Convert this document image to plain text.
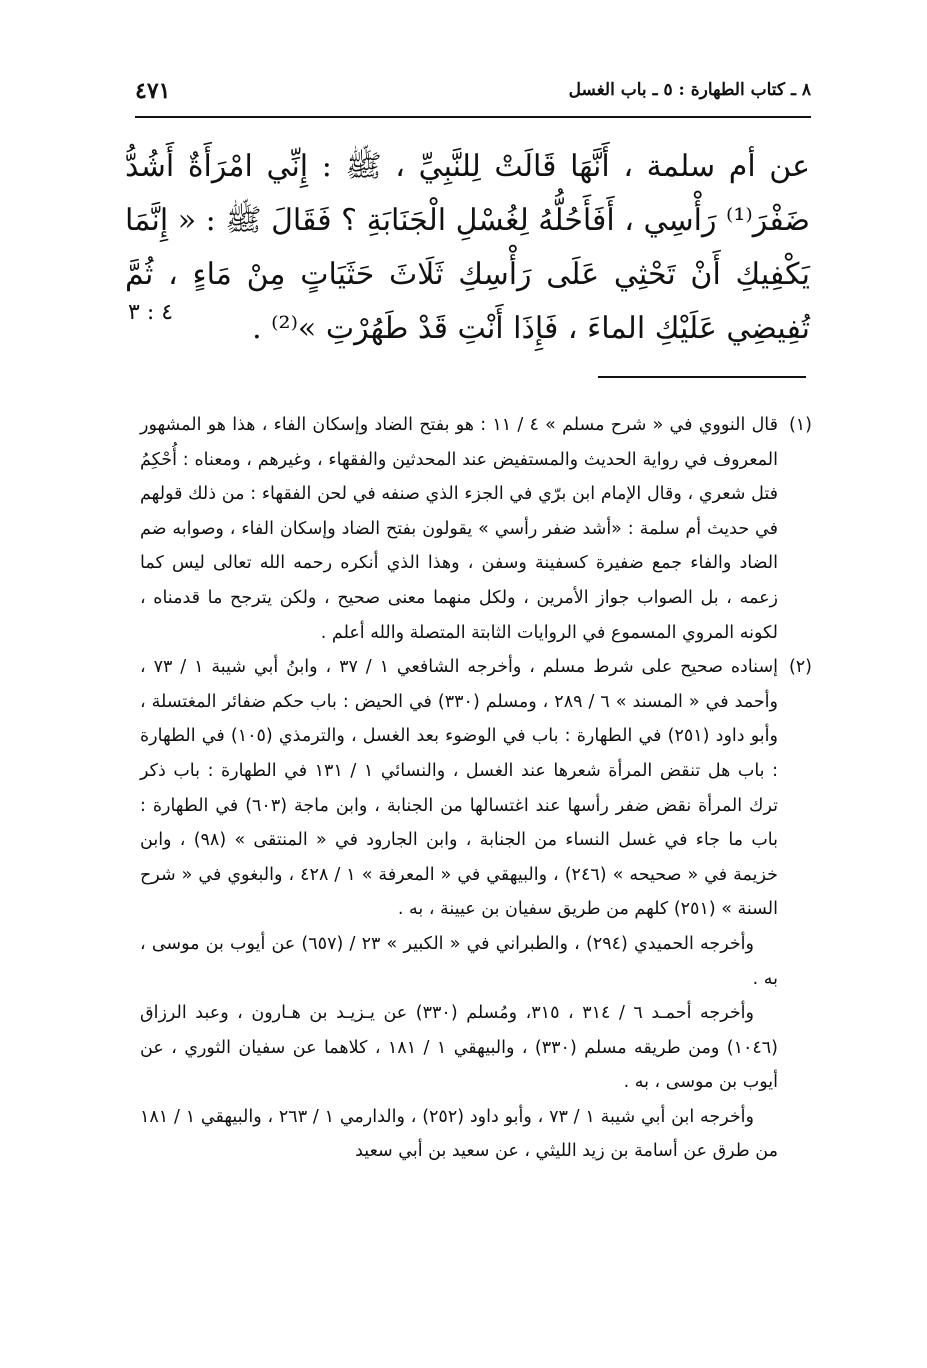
٤٧١	٨ ـ كتاب الطهارة : ٥ ـ باب الغسل

عن أم سلمة ، أَنَّهَا قَالَتْ لِلنَّبِيِّ ، ﷺ : إِنِّي امْرَأَةٌ أَشُدُّ ضَفْرَ⁽¹⁾ رَأْسِي ، أَفَأَحُلُّهُ لِغُسْلِ الْجَنَابَةِ ؟ فَقَالَ ﷺ : « إِنَّمَا يَكْفِيكِ أَنْ تَحْثِي عَلَى رَأْسِكِ ثَلَاثَ حَثَيَاتٍ مِنْ مَاءٍ ، ثُمَّ تُفِيضِي عَلَيْكِ الماءَ ، فَإِذَا أَنْتِ قَدْ طَهُرْتِ »⁽²⁾ .

٤ : ٣
(١)
قال النووي في « شرح مسلم » ٤ / ١١ : هو بفتح الضاد وإسكان الفاء ، هذا هو المشهور المعروف في رواية الحديث والمستفيض عند المحدثين والفقهاء ، وغيرهم ، ومعناه : أُحْكِمُ فتل شعري ، وقال الإمام ابن برّي في الجزء الذي صنفه في لحن الفقهاء : من ذلك قولهم في حديث أم سلمة : «أشد ضفر رأسي » يقولون بفتح الضاد وإسكان الفاء ، وصوابه ضم الضاد والفاء جمع ضفيرة كسفينة وسفن ، وهذا الذي أنكره رحمه الله تعالى ليس كما زعمه ، بل الصواب جواز الأمرين ، ولكل منهما معنى صحيح ، ولكن يترجح ما قدمناه ، لكونه المروي المسموع في الروايات الثابتة المتصلة والله أعلم .
(٢)
إسناده صحيح على شرط مسلم ، وأخرجه الشافعي ١ / ٣٧ ، وابنُ أبي شيبة ١ / ٧٣ ، وأحمد في « المسند » ٦ / ٢٨٩ ، ومسلم (٣٣٠) في الحيض : باب حكم ضفائر المغتسلة ، وأبو داود (٢٥١) في الطهارة : باب في الوضوء بعد الغسل ، والترمذي (١٠٥) في الطهارة : باب هل تنقض المرأة شعرها عند الغسل ، والنسائي ١ / ١٣١ في الطهارة : باب ذكر ترك المرأة نقض ضفر رأسها عند اغتسالها من الجنابة ، وابن ماجة (٦٠٣) في الطهارة : باب ما جاء في غسل النساء من الجنابة ، وابن الجارود في « المنتقى » (٩٨) ، وابن خزيمة في « صحيحه » (٢٤٦) ، والبيهقي في « المعرفة » ١ / ٤٢٨ ، والبغوي في « شرح السنة » (٢٥١) كلهم من طريق سفيان بن عيينة ، به .

وأخرجه الحميدي (٢٩٤) ، والطبراني في « الكبير » ٢٣ / (٦٥٧) عن أيوب بن موسى ، به .

وأخرجه أحمـد ٦ / ٣١٤ ، ٣١٥، ومُسلم (٣٣٠) عن يـزيـد بن هـارون ، وعبد الرزاق (١٠٤٦) ومن طريقه مسلم (٣٣٠) ، والبيهقي ١ / ١٨١ ، كلاهما عن سفيان الثوري ، عن أيوب بن موسى ، به .

وأخرجه ابن أبي شيبة ١ / ٧٣ ، وأبو داود (٢٥٢) ، والدارمي ١ / ٢٦٣ ، والبيهقي ١ / ١٨١ من طرق عن أسامة بن زيد الليثي ، عن سعيد بن أبي سعيد
